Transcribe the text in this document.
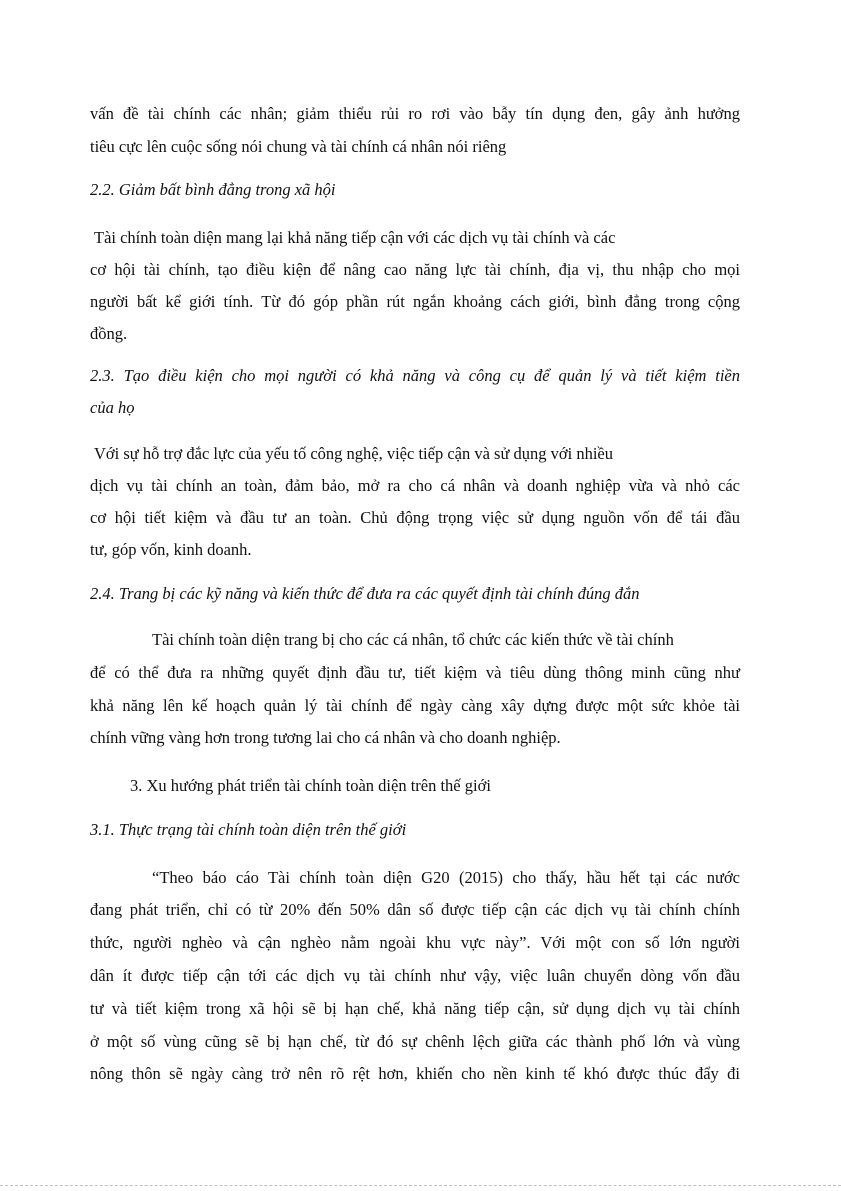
vấn đề tài chính các nhân; giảm thiểu rủi ro rơi vào bẫy tín dụng đen, gây ảnh hưởng
tiêu cực lên cuộc sống nói chung và tài chính cá nhân nói riêng
2.2. Giảm bất bình đẳng trong xã hội
Tài chính toàn diện mang lại khả năng tiếp cận với các dịch vụ tài chính và các
cơ hội tài chính, tạo điều kiện để nâng cao năng lực tài chính, địa vị, thu nhập cho mọi
người bất kể giới tính. Từ đó góp phần rút ngắn khoảng cách giới, bình đẳng trong cộng
đồng.
2.3. Tạo điều kiện cho mọi người có khả năng và công cụ để quản lý và tiết kiệm tiền
của họ
Với sự hỗ trợ đắc lực của yếu tố công nghệ, việc tiếp cận và sử dụng với nhiều
dịch vụ tài chính an toàn, đảm bảo, mở ra cho cá nhân và doanh nghiệp vừa và nhỏ các
cơ hội tiết kiệm và đầu tư an toàn. Chủ động trọng việc sử dụng nguồn vốn để tái đầu
tư, góp vốn, kinh doanh.
2.4. Trang bị các kỹ năng và kiến thức để đưa ra các quyết định tài chính đúng đắn
Tài chính toàn diện trang bị cho các cá nhân, tổ chức các kiến thức về tài chính
để có thể đưa ra những quyết định đầu tư, tiết kiệm và tiêu dùng thông minh cũng như
khả năng lên kế hoạch quản lý tài chính để ngày càng xây dựng được một sức khỏe tài
chính vững vàng hơn trong tương lai cho cá nhân và cho doanh nghiệp.
3. Xu hướng phát triển tài chính toàn diện trên thế giới
3.1. Thực trạng tài chính toàn diện trên thế giới
“Theo báo cáo Tài chính toàn diện G20 (2015) cho thấy, hầu hết tại các nước
đang phát triển, chỉ có từ 20% đến 50% dân số được tiếp cận các dịch vụ tài chính chính
thức, người nghèo và cận nghèo nằm ngoài khu vực này”. Với một con số lớn người
dân ít được tiếp cận tới các dịch vụ tài chính như vậy, việc luân chuyển dòng vốn đầu
tư và tiết kiệm trong xã hội sẽ bị hạn chế, khả năng tiếp cận, sử dụng dịch vụ tài chính
ở một số vùng cũng sẽ bị hạn chế, từ đó sự chênh lệch giữa các thành phố lớn và vùng
nông thôn sẽ ngày càng trở nên rõ rệt hơn, khiến cho nền kinh tế khó được thúc đẩy đi
